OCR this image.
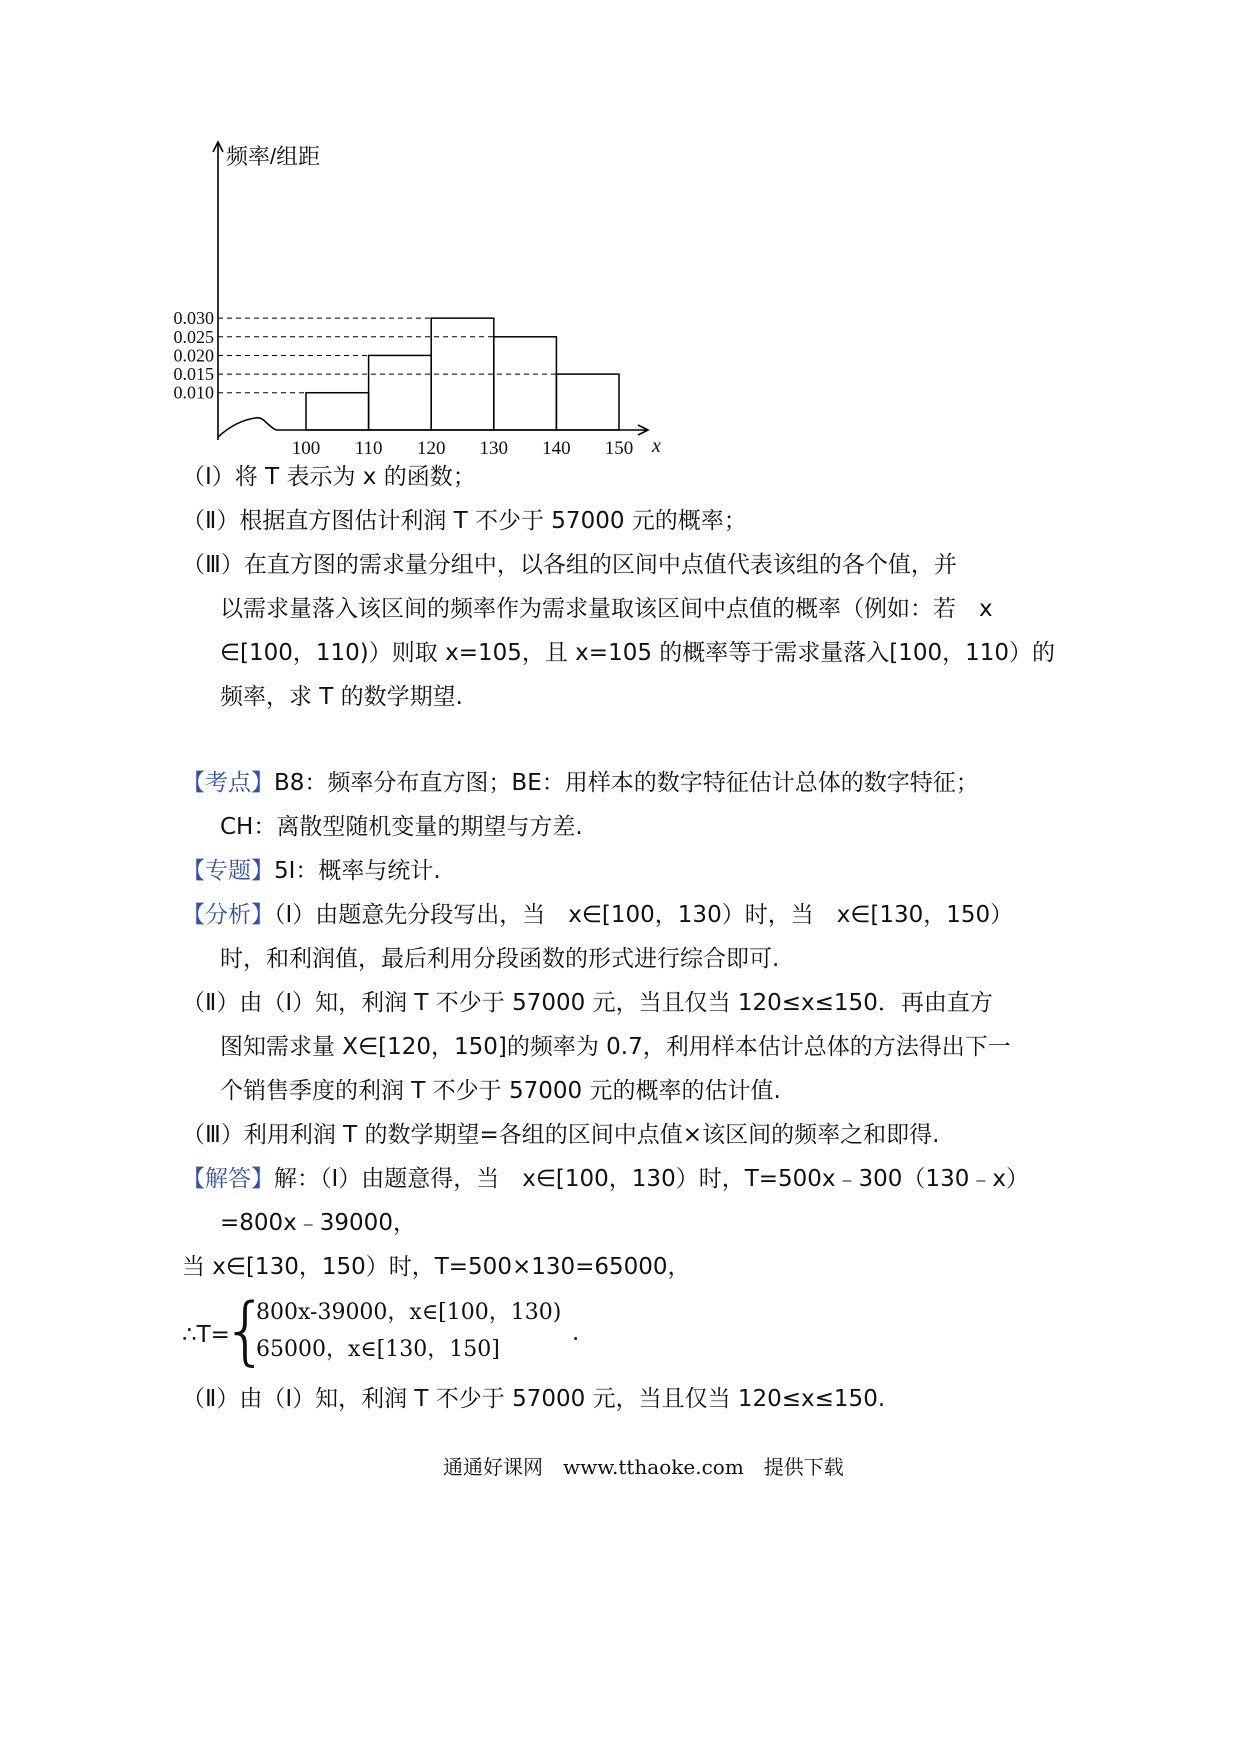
0.030
0.025
0.020
0.015
0.010
100 110 120 130 140 150
频率/组距
x
（Ⅰ）将 T 表示为 x 的函数；
（Ⅱ）根据直方图估计利润 T 不少于 57000 元的概率；
（Ⅲ）在直方图的需求量分组中，以各组的区间中点值代表该组的各个值，并
以需求量落入该区间的频率作为需求量取该区间中点值的概率（例如：若　x
∈[100，110)）则取 x=105，且 x=105 的概率等于需求量落入[100，110）的
频率，求 T 的数学期望.
【考点】B8：频率分布直方图；BE：用样本的数字特征估计总体的数字特征；
CH：离散型随机变量的期望与方差.
【专题】5I：概率与统计.
【分析】（Ⅰ）由题意先分段写出，当　x∈[100，130）时，当　x∈[130，150）
时，和利润值，最后利用分段函数的形式进行综合即可.
（Ⅱ）由（Ⅰ）知，利润 T 不少于 57000 元，当且仅当 120≤x≤150．再由直方
图知需求量 X∈[120，150]的频率为 0.7，利用样本估计总体的方法得出下一
个销售季度的利润 T 不少于 57000 元的概率的估计值.
（Ⅲ）利用利润 T 的数学期望=各组的区间中点值×该区间的频率之和即得.
【解答】解：（Ⅰ）由题意得，当　x∈[100，130）时，T=500x﹣300（130﹣x）
=800x﹣39000，
当 x∈[130，150）时，T=500×130=65000，
∴T=
{
800x-39000，x∈[100，130)
65000，x∈[130，150]
.
（Ⅱ）由（Ⅰ）知，利润 T 不少于 57000 元，当且仅当 120≤x≤150.
通通好课网　www.tthaoke.com　提供下载
